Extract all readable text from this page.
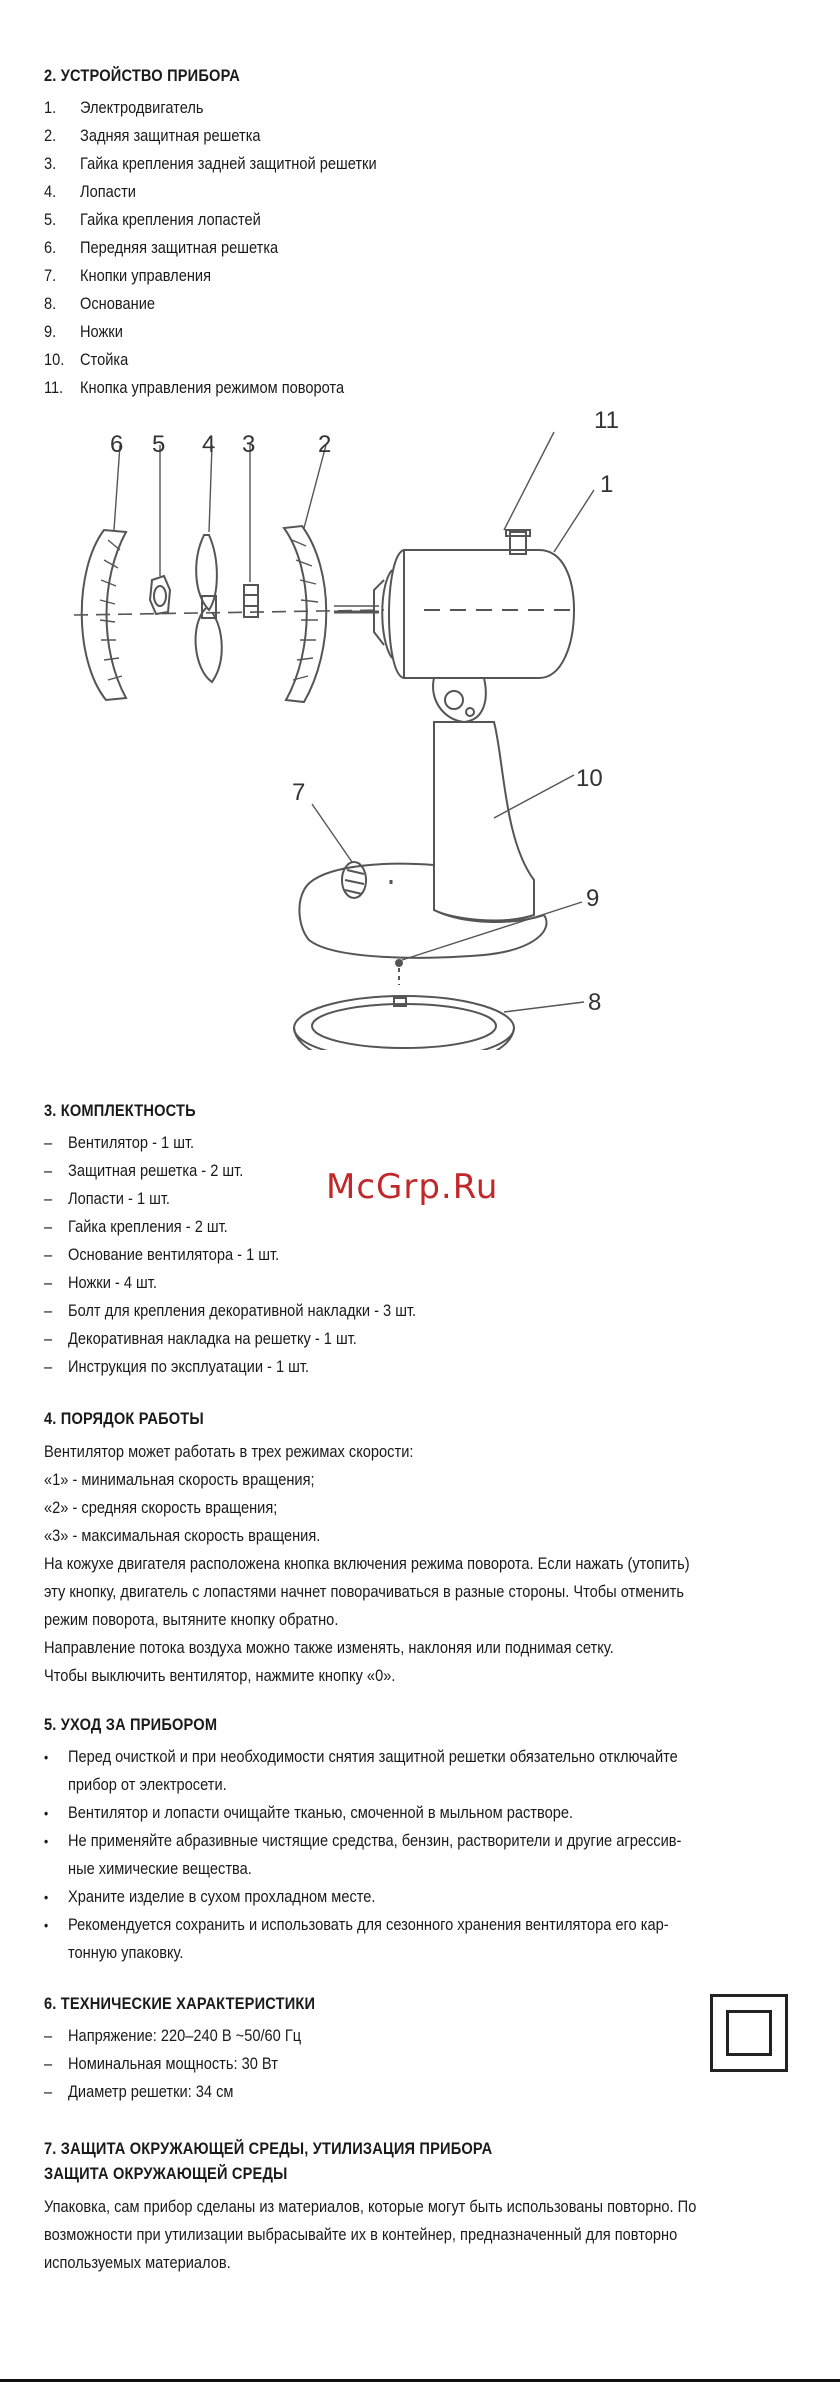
2. УСТРОЙСТВО ПРИБОРА
1. Электродвигатель
2. Задняя защитная решетка
3. Гайка крепления задней защитной решетки
4. Лопасти
5. Гайка крепления лопастей
6. Передняя защитная решетка
7. Кнопки управления
8. Основание
9. Ножки
10. Стойка
11. Кнопка управления режимом поворота
6 5 4 3	2
11
1
10
7
9
8
3. КОМПЛЕКТНОСТЬ
– Вентилятор - 1 шт.
– Защитная решетка - 2 шт.
– Лопасти - 1 шт.
– Гайка крепления - 2 шт.
– Основание вентилятора - 1 шт.
– Ножки - 4 шт.
– Болт для крепления декоративной накладки - 3 шт.
– Декоративная накладка на решетку - 1 шт.
– Инструкция по эксплуатации - 1 шт.
4. ПОРЯДОК РАБОТЫ
Вентилятор может работать в трех режимах скорости:
«1» - минимальная скорость вращения;
«2» - средняя скорость вращения;
«3» - максимальная скорость вращения.
На кожухе двигателя расположена кнопка включения режима поворота. Если нажать (утопить)
эту кнопку, двигатель с лопастями начнет поворачиваться в разные стороны. Чтобы отменить
режим поворота, вытяните кнопку обратно.
Направление потока воздуха можно также изменять, наклоняя или поднимая сетку.
Чтобы выключить вентилятор, нажмите кнопку «0».
5. УХОД ЗА ПРИБОРОМ
• Перед очисткой и при необходимости снятия защитной решетки обязательно отключайте
прибор от электросети.
• Вентилятор и лопасти очищайте тканью, смоченной в мыльном растворе.
• Не применяйте абразивные чистящие средства, бензин, растворители и другие агрессив-
ные химические вещества.
• Храните изделие в сухом прохладном месте.
• Рекомендуется сохранить и использовать для сезонного хранения вентилятора его кар-
тонную упаковку.
6. ТЕХНИЧЕСКИЕ ХАРАКТЕРИСТИКИ
– Напряжение: 220–240 В ~50/60 Гц
– Номинальная мощность: 30 Вт
– Диаметр решетки: 34 см
7. ЗАЩИТА ОКРУЖАЮЩЕЙ СРЕДЫ, УТИЛИЗАЦИЯ ПРИБОРА
ЗАЩИТА ОКРУЖАЮЩЕЙ СРЕДЫ
Упаковка, сам прибор сделаны из материалов, которые могут быть использованы повторно. По
возможности при утилизации выбрасывайте их в контейнер, предназначенный для повторно
используемых материалов.
McGrp.Ru
